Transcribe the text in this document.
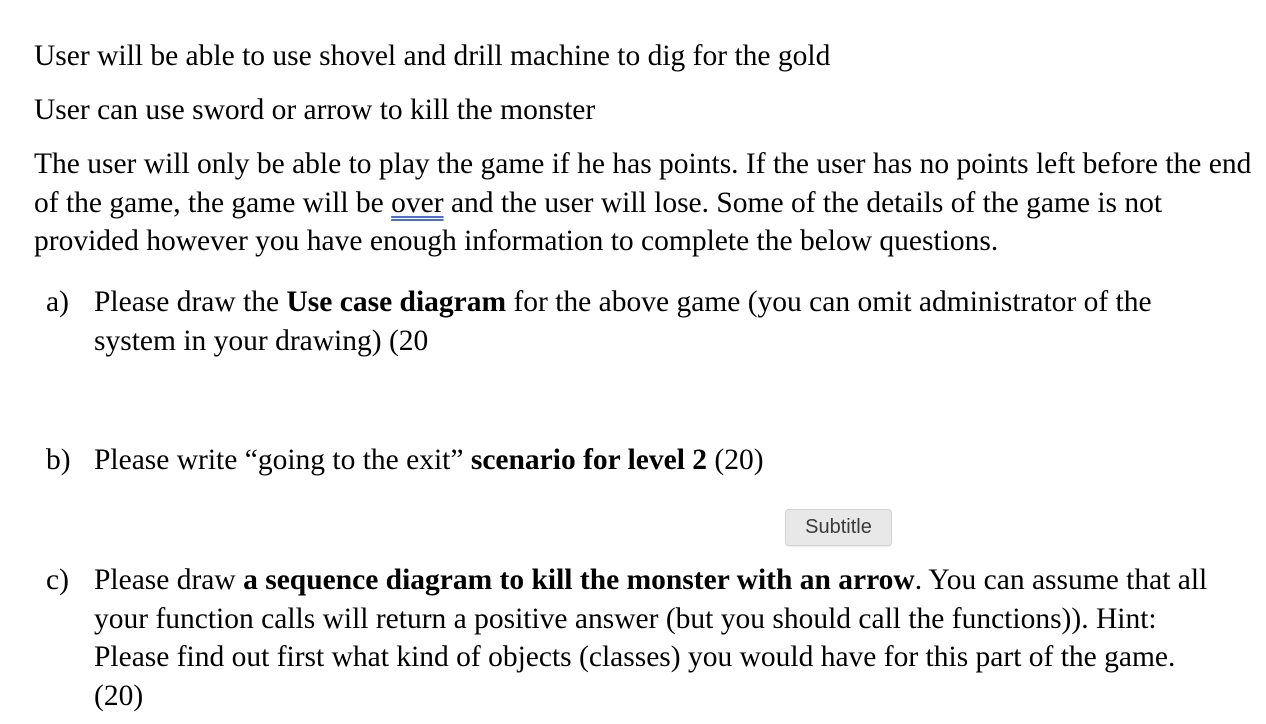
User will be able to use shovel and drill machine to dig for the gold

User can use sword or arrow to kill the monster

The user will only be able to play the game if he has points. If the user has no points left before the end of the game, the game will be over and the user will lose. Some of the details of the game is not provided however you have enough information to complete the below questions.

a) Please draw the Use case diagram for the above game (you can omit administrator of the system in your drawing) (20
b) Please write “going to the exit” scenario for level 2 (20)
Subtitle
c) Please draw a sequence diagram to kill the monster with an arrow. You can assume that all your function calls will return a positive answer (but you should call the functions)). Hint: Please find out first what kind of objects (classes) you would have for this part of the game. (20)
